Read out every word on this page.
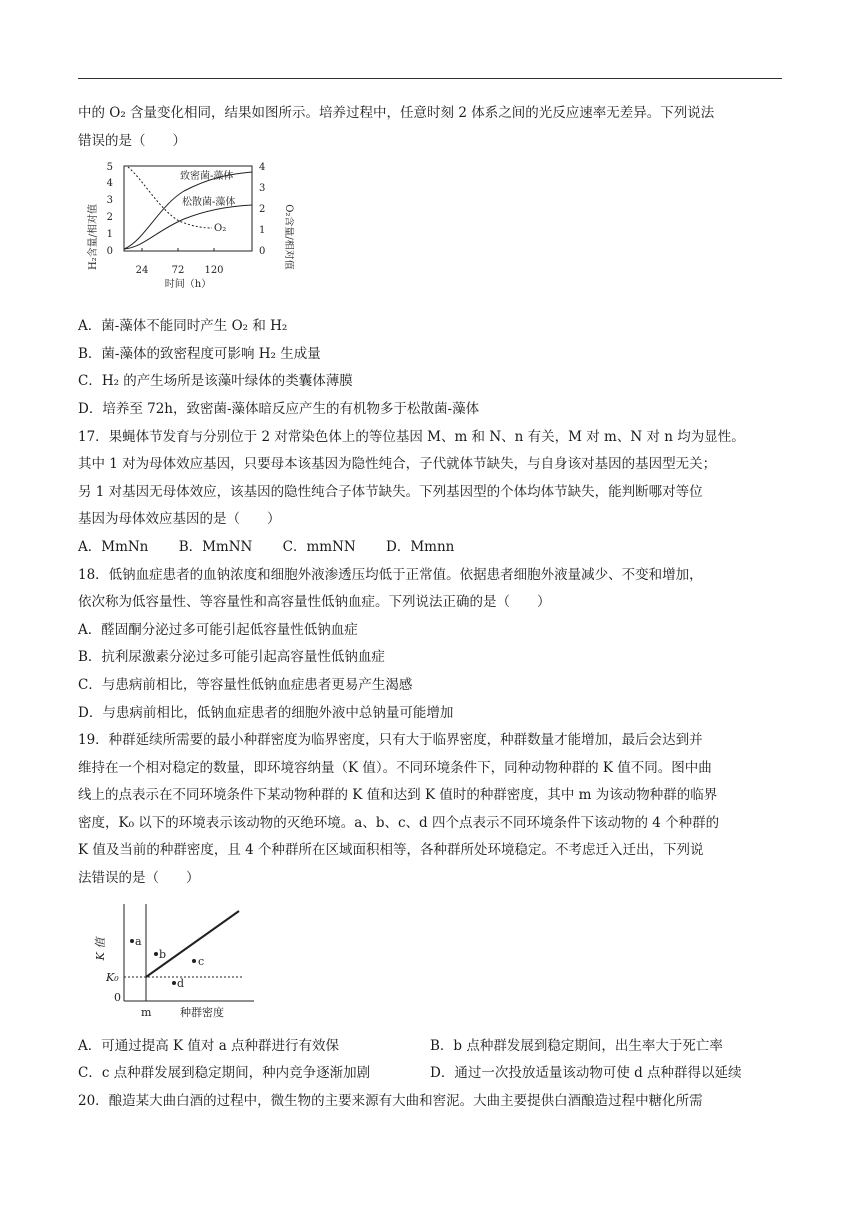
中的 O₂ 含量变化相同，结果如图所示。培养过程中，任意时刻 2 体系之间的光反应速率无差异。下列说法

错误的是（　　）

H₂含量/相对值	O₂含量/相对值
0
1
2
3
4
5
0
1
2
3
4
24 72 120
时间（h）
致密菌-藻体
松散菌-藻体
O₂

A．菌-藻体不能同时产生 O₂ 和 H₂

B．菌-藻体的致密程度可影响 H₂ 生成量

C．H₂ 的产生场所是该藻叶绿体的类囊体薄膜

D．培养至 72h，致密菌-藻体暗反应产生的有机物多于松散菌-藻体

17．果蝇体节发育与分别位于 2 对常染色体上的等位基因 M、m 和 N、n 有关，M 对 m、N 对 n 均为显性。

其中 1 对为母体效应基因，只要母本该基因为隐性纯合，子代就体节缺失，与自身该对基因的基因型无关；

另 1 对基因无母体效应，该基因的隐性纯合子体节缺失。下列基因型的个体均体节缺失，能判断哪对等位

基因为母体效应基因的是（　　）

A．MmNn B．MmNN C．mmNN D．Mmnn

18．低钠血症患者的血钠浓度和细胞外液渗透压均低于正常值。依据患者细胞外液量减少、不变和增加，

依次称为低容量性、等容量性和高容量性低钠血症。下列说法正确的是（　　）

A．醛固酮分泌过多可能引起低容量性低钠血症

B．抗利尿激素分泌过多可能引起高容量性低钠血症

C．与患病前相比，等容量性低钠血症患者更易产生渴感

D．与患病前相比，低钠血症患者的细胞外液中总钠量可能增加

19．种群延续所需要的最小种群密度为临界密度，只有大于临界密度，种群数量才能增加，最后会达到并

维持在一个相对稳定的数量，即环境容纳量（K 值）。不同环境条件下，同种动物种群的 K 值不同。图中曲

线上的点表示在不同环境条件下某动物种群的 K 值和达到 K 值时的种群密度，其中 m 为该动物种群的临界

密度，K₀ 以下的环境表示该动物的灭绝环境。a、b、c、d 四个点表示不同环境条件下该动物的 4 个种群的

K 值及当前的种群密度，且 4 个种群所在区域面积相等，各种群所处环境稳定。不考虑迁入迁出，下列说

法错误的是（　　）

K 值
K₀
0
m	种群密度
a
b
c
d
A．可通过提高 K 值对 a 点种群进行有效保	B．b 点种群发展到稳定期间，出生率大于死亡率
C．c 点种群发展到稳定期间，种内竞争逐渐加剧	D．通过一次投放适量该动物可使 d 点种群得以延续

20．酿造某大曲白酒的过程中，微生物的主要来源有大曲和窖泥。大曲主要提供白酒酿造过程中糖化所需
